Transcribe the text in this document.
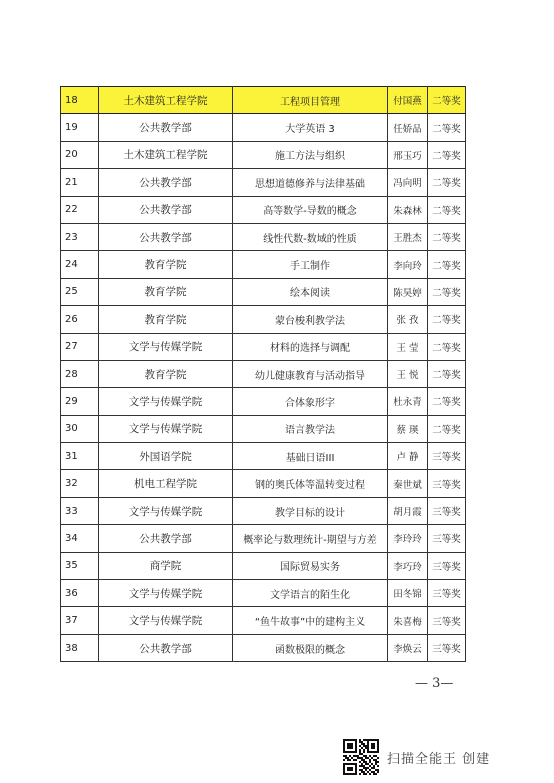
18	土木建筑工程学院	工程项目管理	付国燕	二等奖
19	公共教学部	大学英语 3	任娇品	二等奖
20	土木建筑工程学院	施工方法与组织	邢玉巧	二等奖
21	公共教学部	思想道德修养与法律基础	冯向明	二等奖
22	公共教学部	高等数学-导数的概念	朱森林	二等奖
23	公共教学部	线性代数-数域的性质	王胜杰	二等奖
24	教育学院	手工制作	李向玲	二等奖
25	教育学院	绘本阅读	陈昊婷	二等奖
26	教育学院	蒙台梭利教学法	张 孜	二等奖
27	文学与传媒学院	材料的选择与调配	王 莹	二等奖
28	教育学院	幼儿健康教育与活动指导	王 悦	二等奖
29	文学与传媒学院	合体象形字	杜永青	二等奖
30	文学与传媒学院	语言教学法	蔡 瑛	二等奖
31	外国语学院	基础日语III	卢 静	三等奖
32	机电工程学院	钢的奥氏体等温转变过程	秦世斌	三等奖
33	文学与传媒学院	教学目标的设计	胡月霞	三等奖
34	公共教学部	概率论与数理统计-期望与方差	李玲玲	三等奖
35	商学院	国际贸易实务	李巧玲	三等奖
36	文学与传媒学院	文学语言的陌生化	田冬锦	三等奖
37	文学与传媒学院	“鱼牛故事”中的建构主义	朱喜梅	三等奖
38	公共教学部	函数极限的概念	李焕云	三等奖
— 3—
扫描全能王 创建
